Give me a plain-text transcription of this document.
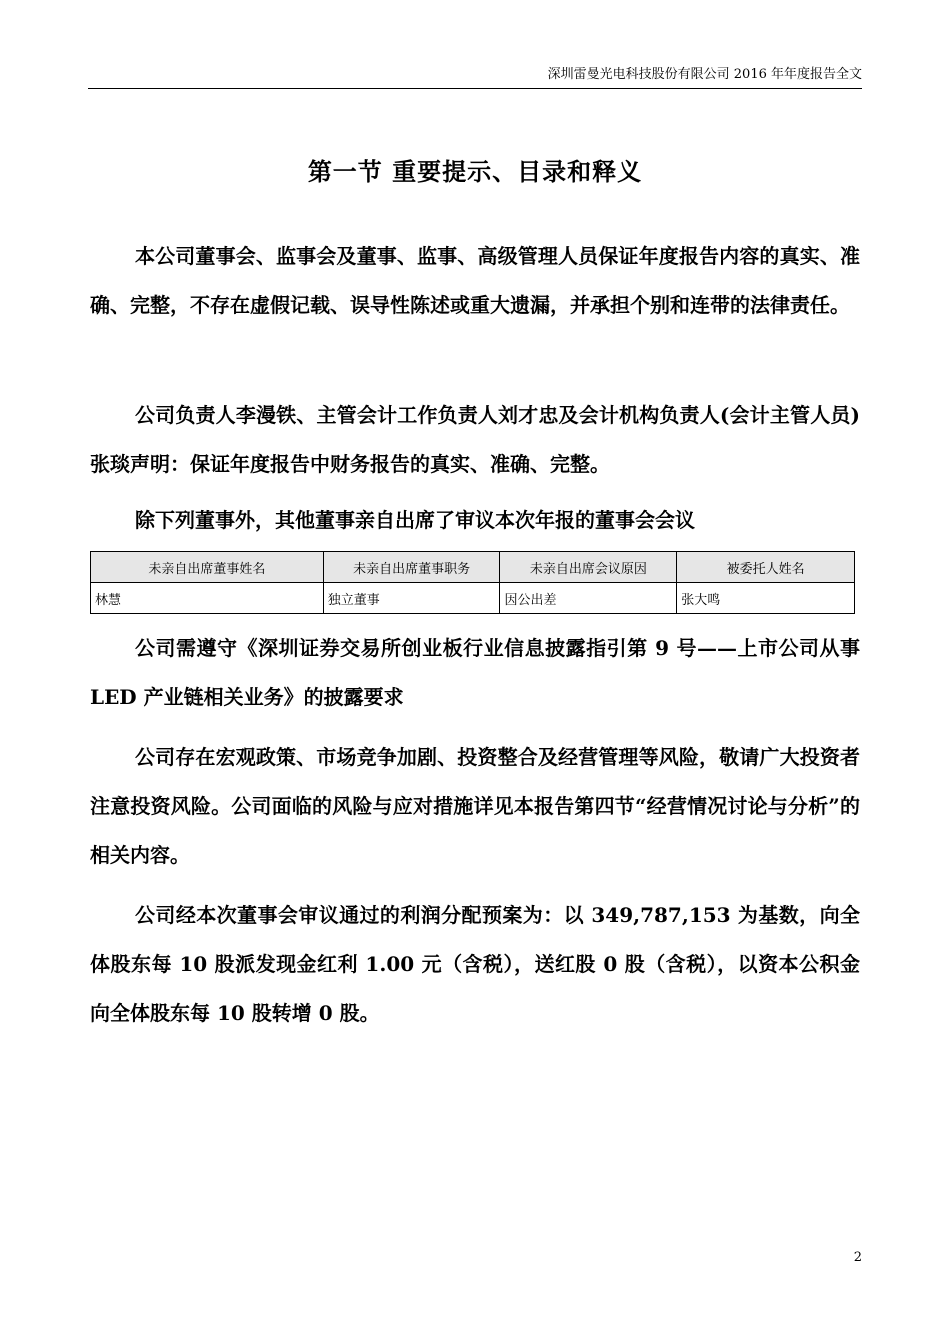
深圳雷曼光电科技股份有限公司 2016 年年度报告全文
第一节 重要提示、目录和释义

本公司董事会、监事会及董事、监事、高级管理人员保证年度报告内容的真实、准确、完整，不存在虚假记载、误导性陈述或重大遗漏，并承担个别和连带的法律责任。

公司负责人李漫铁、主管会计工作负责人刘才忠及会计机构负责人(会计主管人员)张琰声明：保证年度报告中财务报告的真实、准确、完整。

除下列董事外，其他董事亲自出席了审议本次年报的董事会会议

未亲自出席董事姓名	未亲自出席董事职务	未亲自出席会议原因	被委托人姓名
林慧	独立董事	因公出差	张大鸣

公司需遵守《深圳证券交易所创业板行业信息披露指引第 9 号——上市公司从事 LED 产业链相关业务》的披露要求

公司存在宏观政策、市场竞争加剧、投资整合及经营管理等风险，敬请广大投资者注意投资风险。公司面临的风险与应对措施详见本报告第四节“经营情况讨论与分析”的相关内容。

公司经本次董事会审议通过的利润分配预案为：以 349,787,153 为基数，向全体股东每 10 股派发现金红利 1.00 元（含税），送红股 0 股（含税），以资本公积金向全体股东每 10 股转增 0 股。

2
